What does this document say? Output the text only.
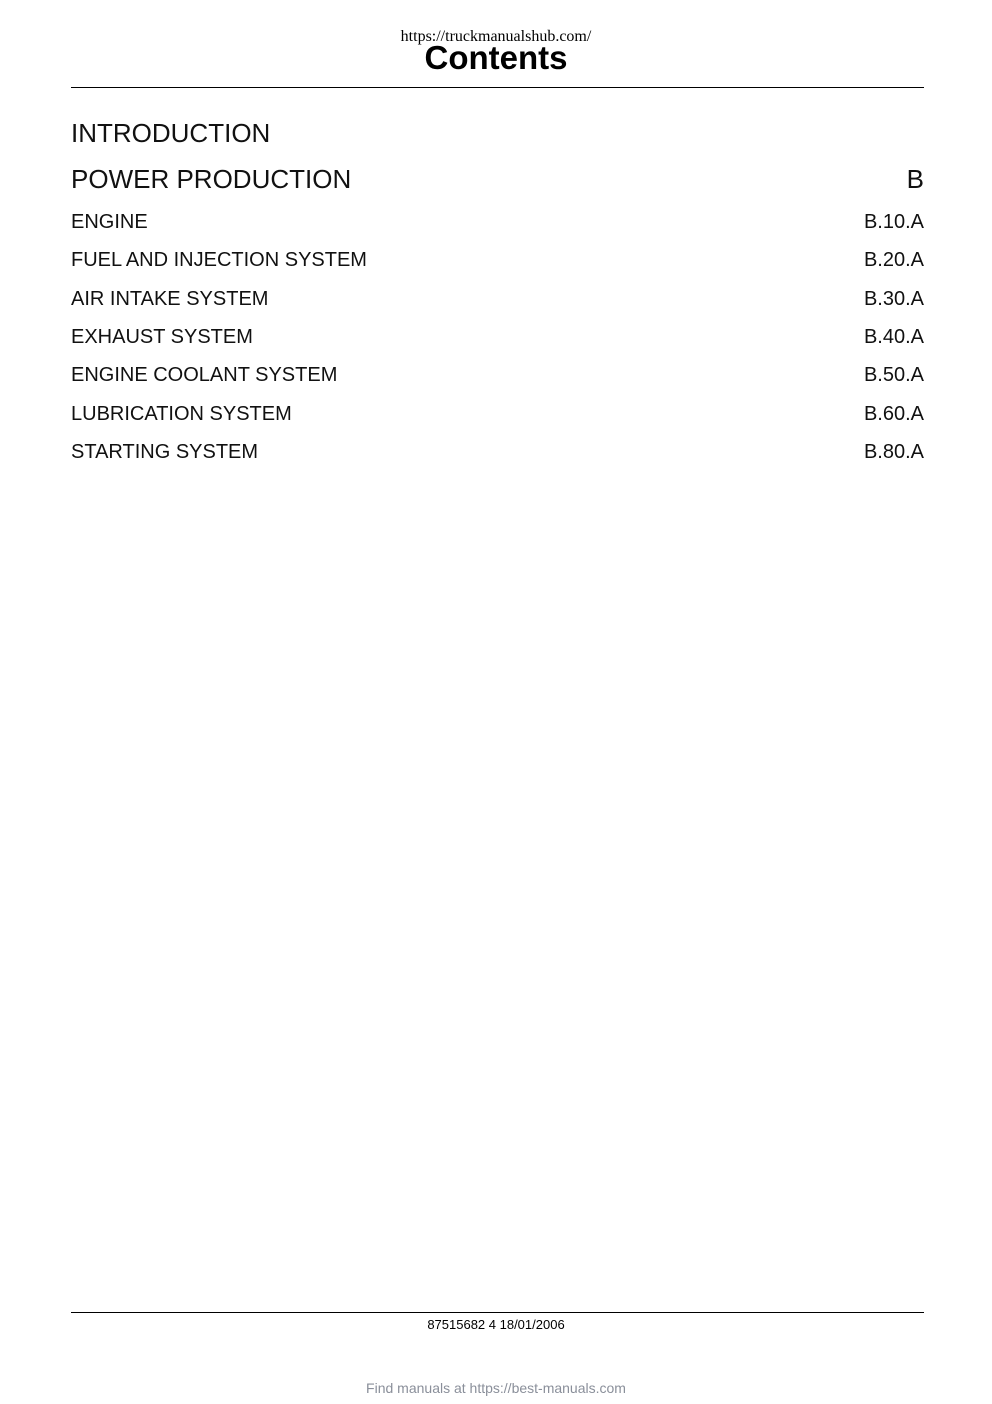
https://truckmanualshub.com/
Contents
INTRODUCTION
POWER PRODUCTION	B
ENGINE	B.10.A
FUEL AND INJECTION SYSTEM	B.20.A
AIR INTAKE SYSTEM	B.30.A
EXHAUST SYSTEM	B.40.A
ENGINE COOLANT SYSTEM	B.50.A
LUBRICATION SYSTEM	B.60.A
STARTING SYSTEM	B.80.A
87515682 4 18/01/2006
Find manuals at https://best-manuals.com
